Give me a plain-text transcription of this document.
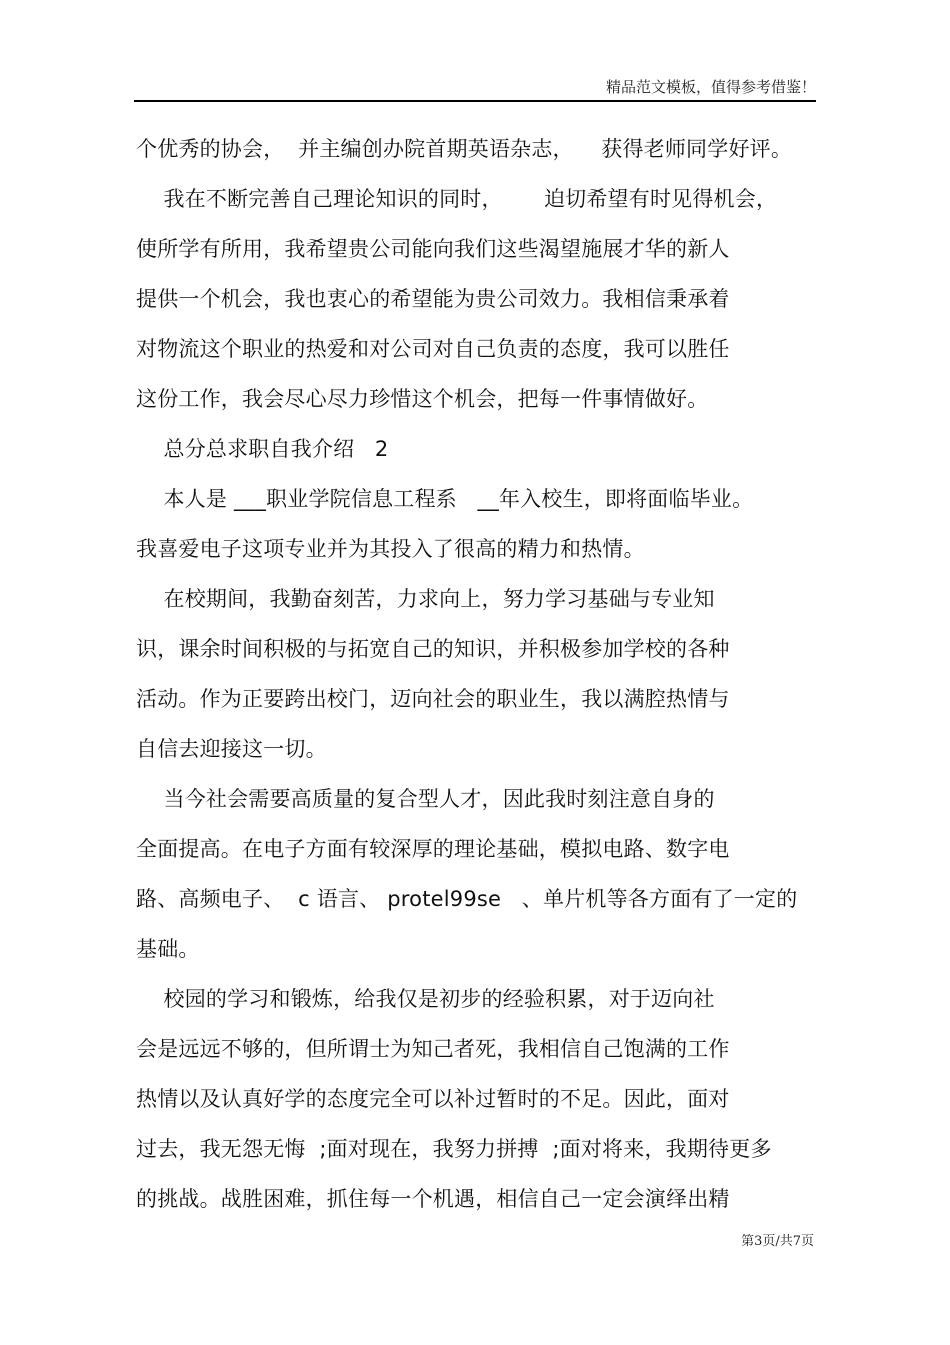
精品范文模板，值得参考借鉴！
个优秀的协会，  并主编创办院首期英语杂志，    获得老师同学好评。
我在不断完善自己理论知识的同时，      迫切希望有时见得机会，
使所学有所用，我希望贵公司能向我们这些渴望施展才华的新人
提供一个机会，我也衷心的希望能为贵公司效力。我相信秉承着
对物流这个职业的热爱和对公司对自己负责的态度，我可以胜任
这份工作，我会尽心尽力珍惜这个机会，把每一件事情做好。
总分总求职自我介绍   2
本人是 ___职业学院信息工程系   __年入校生，即将面临毕业。
我喜爱电子这项专业并为其投入了很高的精力和热情。
在校期间，我勤奋刻苦，力求向上，努力学习基础与专业知
识，课余时间积极的与拓宽自己的知识，并积极参加学校的各种
活动。作为正要跨出校门，迈向社会的职业生，我以满腔热情与
自信去迎接这一切。
当今社会需要高质量的复合型人才，因此我时刻注意自身的
全面提高。在电子方面有较深厚的理论基础，模拟电路、数字电
路、高频电子、  c 语言、 protel99se   、单片机等各方面有了一定的
基础。
校园的学习和锻炼，给我仅是初步的经验积累，对于迈向社
会是远远不够的，但所谓士为知己者死，我相信自己饱满的工作
热情以及认真好学的态度完全可以补过暂时的不足。因此，面对
过去，我无怨无悔  ;面对现在，我努力拼搏  ;面对将来，我期待更多
的挑战。战胜困难，抓住每一个机遇，相信自己一定会演绎出精
第3页/共7页
